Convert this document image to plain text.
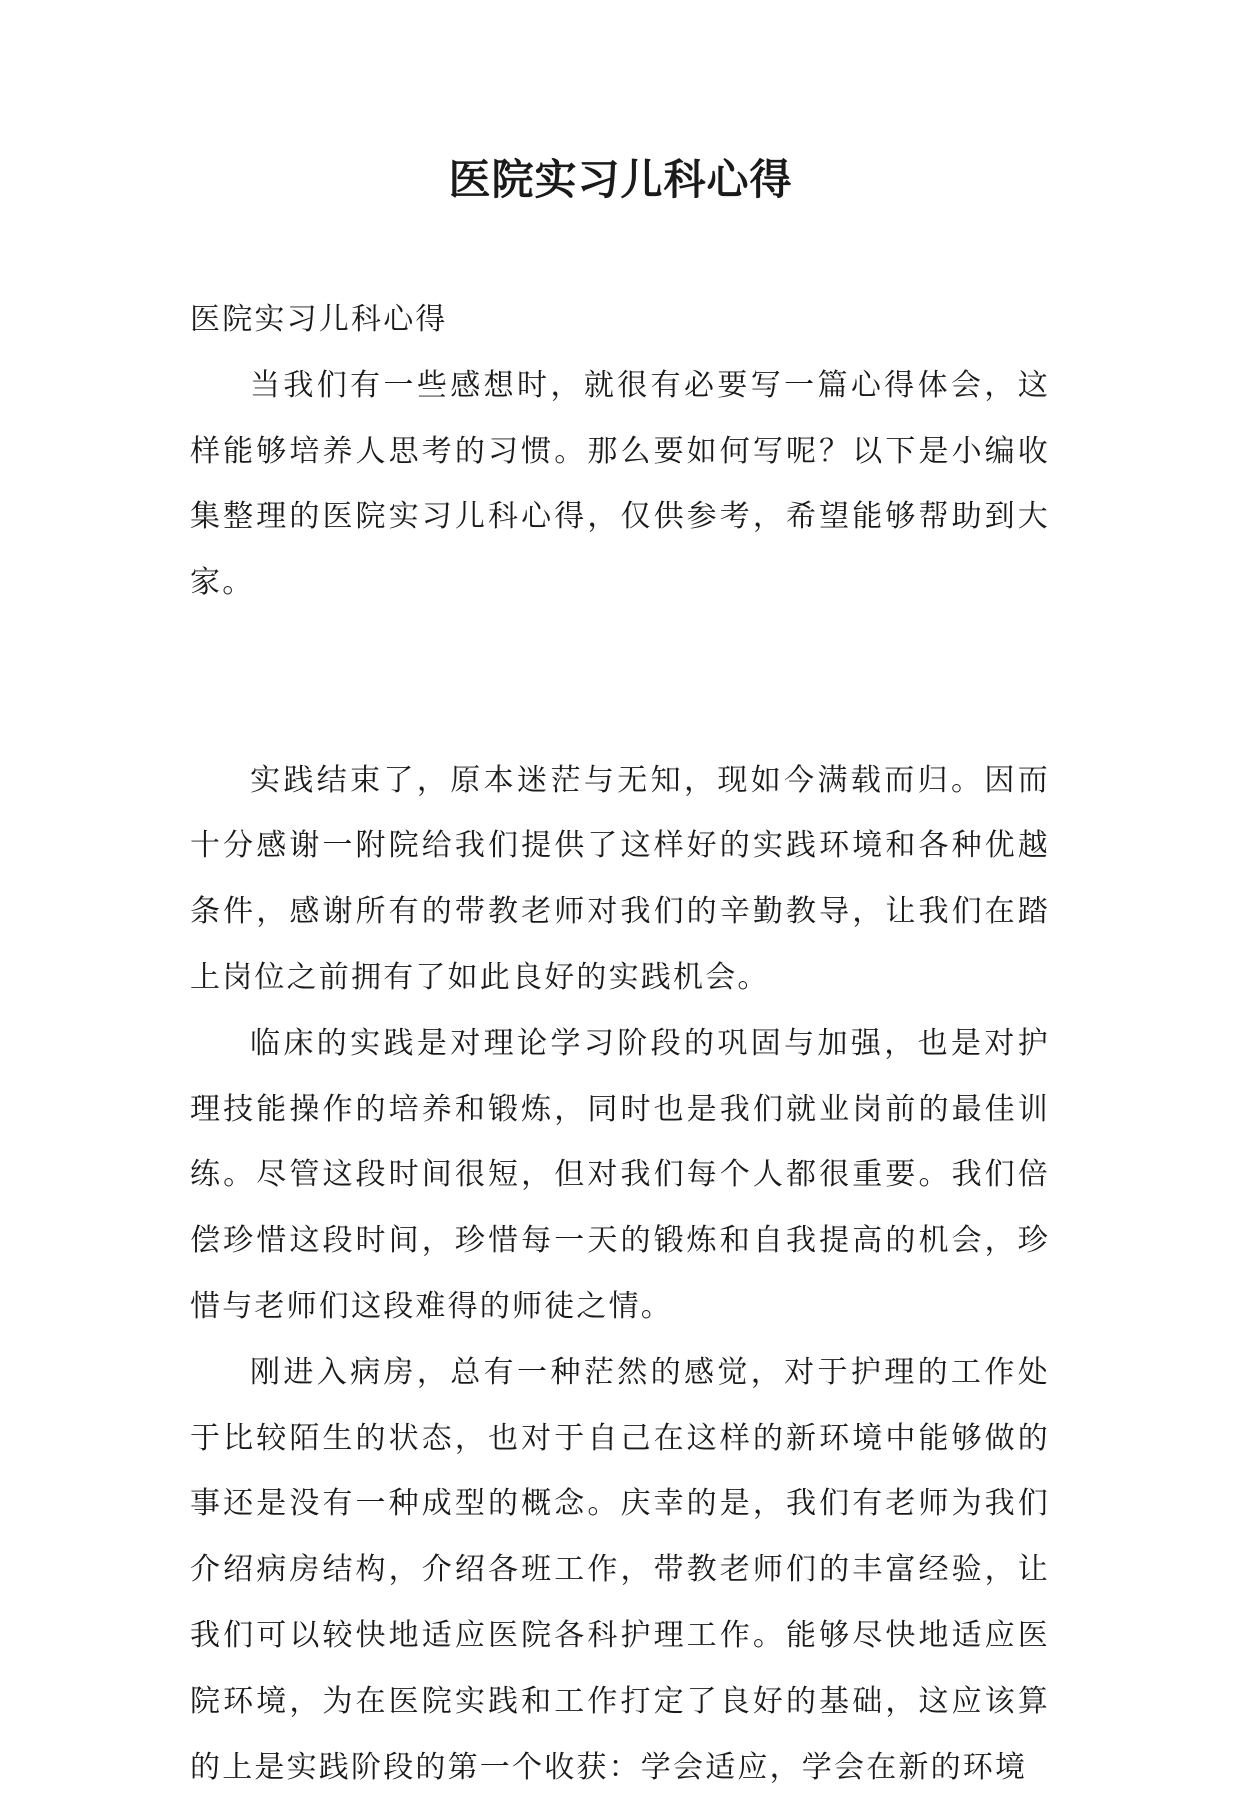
医院实习儿科心得

医院实习儿科心得

当我们有一些感想时，就很有必要写一篇心得体会，这样能够培养人思考的习惯。那么要如何写呢？以下是小编收集整理的医院实习儿科心得，仅供参考，希望能够帮助到大家。

实践结束了，原本迷茫与无知，现如今满载而归。因而十分感谢一附院给我们提供了这样好的实践环境和各种优越条件，感谢所有的带教老师对我们的辛勤教导，让我们在踏上岗位之前拥有了如此良好的实践机会。

临床的实践是对理论学习阶段的巩固与加强，也是对护理技能操作的培养和锻炼，同时也是我们就业岗前的最佳训练。尽管这段时间很短，但对我们每个人都很重要。我们倍偿珍惜这段时间，珍惜每一天的锻炼和自我提高的机会，珍惜与老师们这段难得的师徒之情。

刚进入病房，总有一种茫然的感觉，对于护理的工作处于比较陌生的状态，也对于自己在这样的新环境中能够做的事还是没有一种成型的概念。庆幸的是，我们有老师为我们介绍病房结构，介绍各班工作，带教老师们的丰富经验，让我们可以较快地适应医院各科护理工作。能够尽快地适应医院环境，为在医院实践和工作打定了良好的基础，这应该算的上是实践阶段的第一个收获：学会适应，学会在新的环境
